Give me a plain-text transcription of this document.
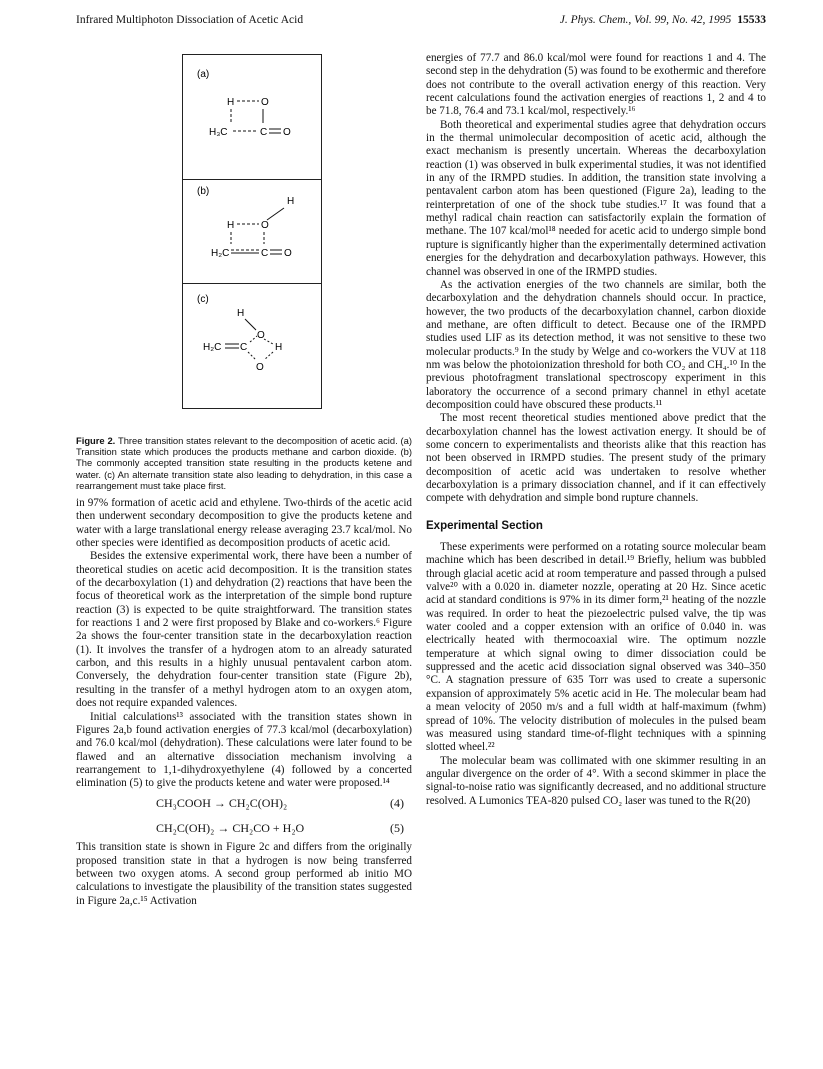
Infrared Multiphoton Dissociation of Acetic Acid	J. Phys. Chem., Vol. 99, No. 42, 1995 15533
(a)
H	O
H₃C	C O
(b)
H
H	O
H₂C	C O
(c)
H
O
H₂C C	H
O
Figure 2. Three transition states relevant to the decomposition of acetic acid. (a) Transition state which produces the products methane and carbon dioxide. (b) The commonly accepted transition state resulting in the products ketene and water. (c) An alternate transition state also leading to dehydration, in this case a rearrangement must take place first.

in 97% formation of acetic acid and ethylene. Two-thirds of the acetic acid then underwent secondary decomposition to give the products ketene and water with a large translational energy release averaging 23.7 kcal/mol. No other species were identified as decomposition products of acetic acid.

Besides the extensive experimental work, there have been a number of theoretical studies on acetic acid decomposition. It is the transition states of the decarboxylation (1) and dehydration (2) reactions that have been the focus of theoretical work as the interpretation of the simple bond rupture reaction (3) is expected to be quite straightforward. The transition states for reactions 1 and 2 were first proposed by Blake and co-workers.⁶ Figure 2a shows the four-center transition state in the decarboxylation reaction (1). It involves the transfer of a hydrogen atom to an already saturated carbon, and this results in a highly unusual pentavalent carbon atom. Conversely, the dehydration four-center transition state (Figure 2b), resulting in the transfer of a methyl hydrogen atom to an oxygen atom, does not require expanded valences.

Initial calculations¹³ associated with the transition states shown in Figures 2a,b found activation energies of 77.3 kcal/mol (decarboxylation) and 76.0 kcal/mol (dehydration). These calculations were later found to be flawed and an alternative dissociation mechanism involving a rearrangement to 1,1-dihydroxyethylene (4) followed by a concerted elimination (5) to give the products ketene and water were proposed.¹⁴

CH₃COOH → CH₂C(OH)₂	(4)
CH₂C(OH)₂ → CH₂CO + H₂O	(5)

This transition state is shown in Figure 2c and differs from the originally proposed transition state in that a hydrogen is now being transferred between two oxygen atoms. A second group performed ab initio MO calculations to investigate the plausibility of the transition states suggested in Figure 2a,c.¹⁵ Activation

energies of 77.7 and 86.0 kcal/mol were found for reactions 1 and 4. The second step in the dehydration (5) was found to be exothermic and therefore does not contribute to the overall activation energy of this reaction. Very recent calculations found the activation energies of reactions 1, 2 and 4 to be 71.8, 76.4 and 73.1 kcal/mol, respectively.¹⁶

Both theoretical and experimental studies agree that dehydration occurs in the thermal unimolecular decomposition of acetic acid, although the exact mechanism is presently uncertain. Whereas the decarboxylation reaction (1) was observed in bulk experimental studies, it was not identified in any of the IRMPD studies. In addition, the transition state involving a pentavalent carbon atom has been questioned (Figure 2a), leading to the reinterpretation of one of the shock tube studies.¹⁷ It was found that a methyl radical chain reaction can satisfactorily explain the formation of methane. The 107 kcal/mol¹⁸ needed for acetic acid to undergo simple bond rupture is significantly higher than the experimentally determined activation energies for the dehydration and decarboxylation pathways. However, this channel was observed in one of the IRMPD studies.

As the activation energies of the two channels are similar, both the decarboxylation and the dehydration channels should occur. In practice, however, the two products of the decarboxylation channel, carbon dioxide and methane, are often difficult to detect. Because one of the IRMPD studies used LIF as its detection method, it was not sensitive to these two molecular products.⁹ In the study by Welge and co-workers the VUV at 118 nm was below the photoionization threshold for both CO₂ and CH₄.¹⁰ In the previous photofragment translational spectroscopy experiment in this laboratory the occurrence of a second primary channel in ethyl acetate decomposition could have obscured these products.¹¹

The most recent theoretical studies mentioned above predict that the decarboxylation channel has the lowest activation energy. It should be of some concern to experimentalists and theorists alike that this reaction has not been observed in IRMPD studies. The present study of the primary decomposition of acetic acid was undertaken to resolve whether decarboxylation is a primary dissociation channel, and if it can effectively compete with dehydration and simple bond rupture channels.

Experimental Section

These experiments were performed on a rotating source molecular beam machine which has been described in detail.¹⁹ Briefly, helium was bubbled through glacial acetic acid at room temperature and passed through a pulsed valve²⁰ with a 0.020 in. diameter nozzle, operating at 20 Hz. Since acetic acid at standard conditions is 97% in its dimer form,²¹ heating of the nozzle was required. In order to heat the piezoelectric pulsed valve, the tip was water cooled and a copper extension with an orifice of 0.040 in. was electrically heated with thermocoaxial wire. The optimum nozzle temperature at which signal owing to dimer dissociation could be suppressed and the acetic acid dissociation signal observed was 340–350 °C. A stagnation pressure of 635 Torr was used to create a supersonic expansion of approximately 5% acetic acid in He. The molecular beam had a mean velocity of 2050 m/s and a full width at half-maximum (fwhm) spread of 10%. The velocity distribution of molecules in the pulsed beam was measured using standard time-of-flight techniques with a spinning slotted wheel.²²

The molecular beam was collimated with one skimmer resulting in an angular divergence on the order of 4°. With a second skimmer in place the signal-to-noise ratio was significantly decreased, and no additional structure resolved. A Lumonics TEA-820 pulsed CO₂ laser was tuned to the R(20)
